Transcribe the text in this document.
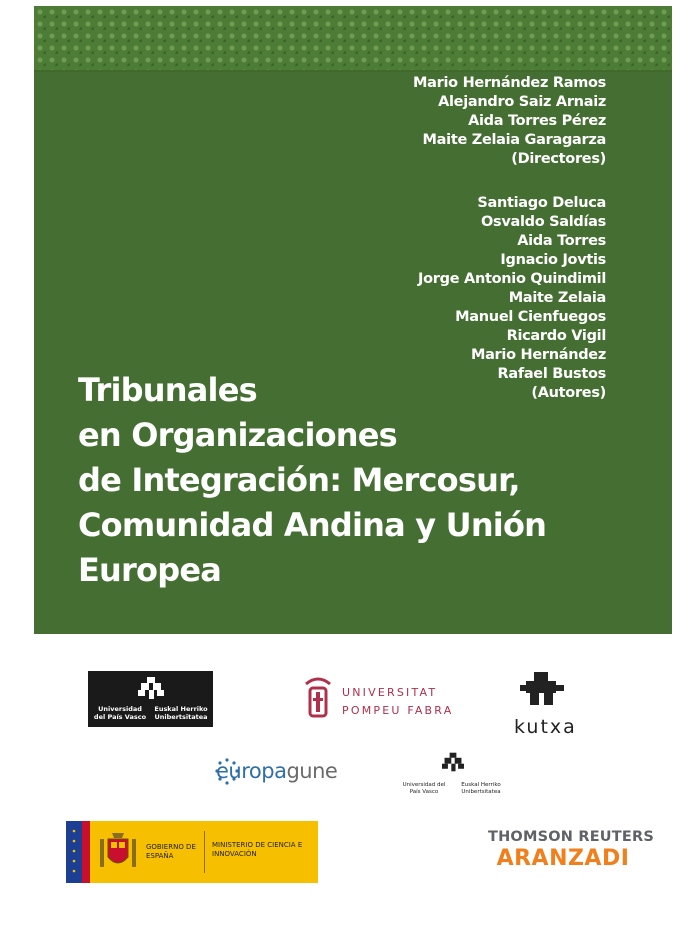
Mario Hernández Ramos
Alejandro Saiz Arnaiz
Aida Torres Pérez
Maite Zelaia Garagarza
(Directores)
Santiago Deluca
Osvaldo Saldías
Aida Torres
Ignacio Jovtis
Jorge Antonio Quindimil
Maite Zelaia
Manuel Cienfuegos
Ricardo Vigil
Mario Hernández
Rafael Bustos
(Autores)
Tribunales
en Organizaciones
de Integración: Mercosur,
Comunidad Andina y Unión
Europea
Universidad del País Vasco
Euskal Herriko Unibertsitatea
UNIVERSITAT
POMPEU FABRA
kutxa
europagune
Universidad del País Vasco
Euskal Herriko Unibertsitatea
GOBIERNO DE ESPAÑA
MINISTERIO DE CIENCIA E INNOVACIÓN
THOMSON REUTERS
ARANZADI
